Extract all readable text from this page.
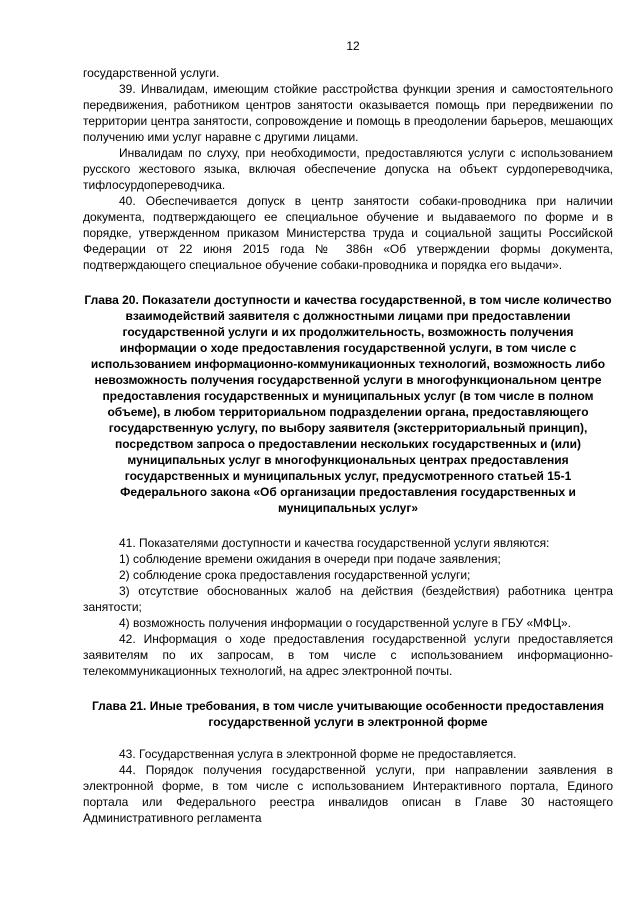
12

государственной услуги.

39. Инвалидам, имеющим стойкие расстройства функции зрения и самостоятельного передвижения, работником центров занятости оказывается помощь при передвижении по территории центра занятости, сопровождение и помощь в преодолении барьеров, мешающих получению ими услуг наравне с другими лицами.

Инвалидам по слуху, при необходимости, предоставляются услуги с использованием русского жестового языка, включая обеспечение допуска на объект сурдопереводчика, тифлосурдопереводчика.

40. Обеспечивается допуск в центр занятости собаки-проводника при наличии документа, подтверждающего ее специальное обучение и выдаваемого по форме и в порядке, утвержденном приказом Министерства труда и социальной защиты Российской Федерации от 22 июня 2015 года № 386н «Об утверждении формы документа, подтверждающего специальное обучение собаки-проводника и порядка его выдачи».

Глава 20. Показатели доступности и качества государственной, в том числе количество взаимодействий заявителя с должностными лицами при предоставлении государственной услуги и их продолжительность, возможность получения информации о ходе предоставления государственной услуги, в том числе с использованием информационно-коммуникационных технологий, возможность либо невозможность получения государственной услуги в многофункциональном центре предоставления государственных и муниципальных услуг (в том числе в полном объеме), в любом территориальном подразделении органа, предоставляющего государственную услугу, по выбору заявителя (экстерриториальный принцип), посредством запроса о предоставлении нескольких государственных и (или) муниципальных услуг в многофункциональных центрах предоставления государственных и муниципальных услуг, предусмотренного статьей 15-1 Федерального закона «Об организации предоставления государственных и муниципальных услуг»

41. Показателями доступности и качества государственной услуги являются:

1) соблюдение времени ожидания в очереди при подаче заявления;

2) соблюдение срока предоставления государственной услуги;

3) отсутствие обоснованных жалоб на действия (бездействия) работника центра занятости;

4) возможность получения информации о государственной услуге в ГБУ «МФЦ».

42. Информация о ходе предоставления государственной услуги предоставляется заявителям по их запросам, в том числе с использованием информационно-телекоммуникационных технологий, на адрес электронной почты.

Глава 21. Иные требования, в том числе учитывающие особенности предоставления государственной услуги в электронной форме

43. Государственная услуга в электронной форме не предоставляется.

44. Порядок получения государственной услуги, при направлении заявления в электронной форме, в том числе с использованием Интерактивного портала, Единого портала или Федерального реестра инвалидов описан в Главе 30 настоящего Административного регламента
